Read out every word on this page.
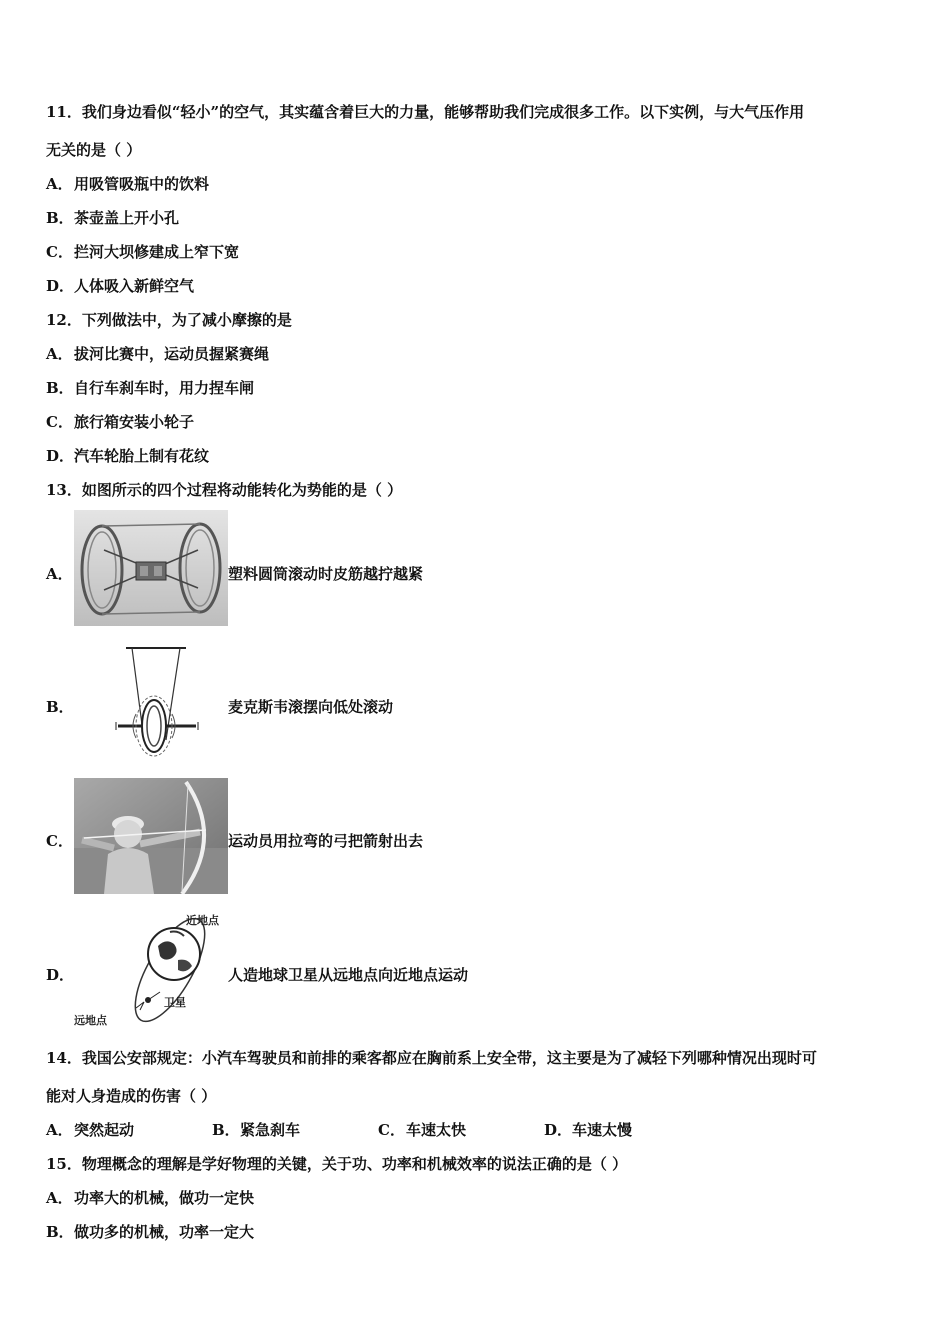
11．我们身边看似“轻小”的空气，其实蕴含着巨大的力量，能够帮助我们完成很多工作。以下实例，与大气压作用
无关的是（ ）
A．用吸管吸瓶中的饮料
B．茶壶盖上开小孔
C．拦河大坝修建成上窄下宽
D．人体吸入新鲜空气
12．下列做法中，为了减小摩擦的是
A．拔河比赛中，运动员握紧赛绳
B．自行车刹车时，用力捏车闸
C．旅行箱安装小轮子
D．汽车轮胎上制有花纹
13．如图所示的四个过程将动能转化为势能的是（ ）
A．	塑料圆筒滚动时皮筋越拧越紧
B．	麦克斯韦滚摆向低处滚动
C．	运动员用拉弯的弓把箭射出去
D．
近地点
卫星
远地点
人造地球卫星从远地点向近地点运动
14．我国公安部规定：小汽车驾驶员和前排的乘客都应在胸前系上安全带，这主要是为了减轻下列哪种情况出现时可
能对人身造成的伤害（ ）
A．突然起动	B．紧急刹车	C．车速太快	D．车速太慢
15．物理概念的理解是学好物理的关键，关于功、功率和机械效率的说法正确的是（ ）
A．功率大的机械，做功一定快
B．做功多的机械，功率一定大
